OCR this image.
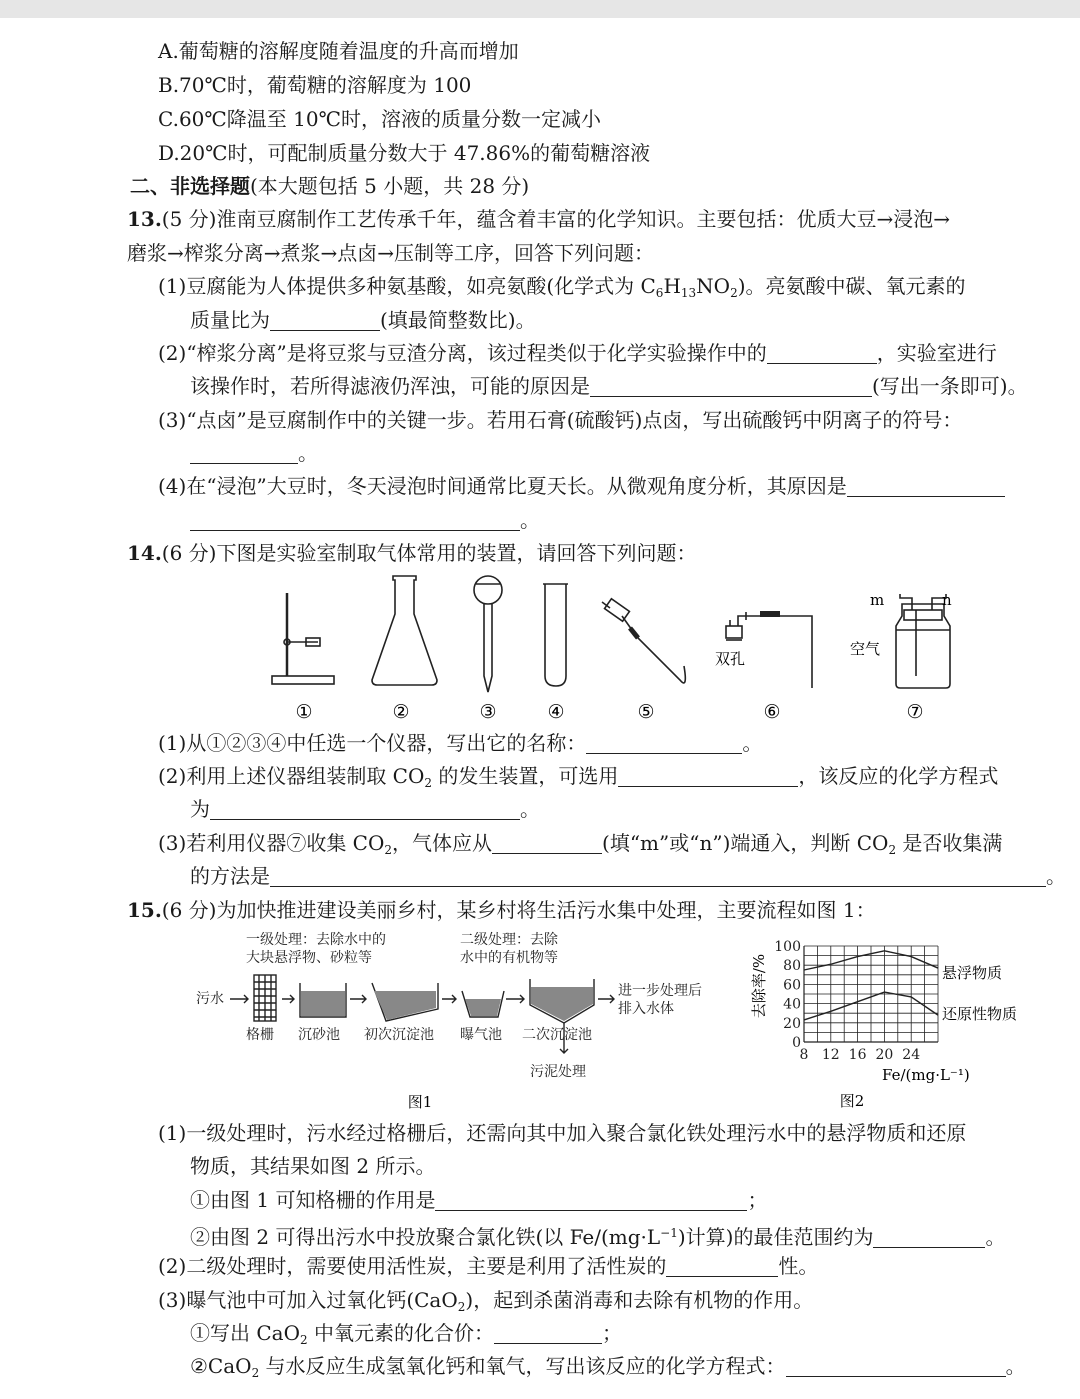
A.葡萄糖的溶解度随着温度的升高而增加
B.70℃时，葡萄糖的溶解度为 100
C.60℃降温至 10℃时，溶液的质量分数一定减小
D.20℃时，可配制质量分数大于 47.86%的葡萄糖溶液
二、非选择题(本大题包括 5 小题，共 28 分)
13.(5 分)淮南豆腐制作工艺传承千年，蕴含着丰富的化学知识。主要包括：优质大豆→浸泡→
磨浆→榨浆分离→煮浆→点卤→压制等工序，回答下列问题：
(1)豆腐能为人体提供多种氨基酸，如亮氨酸(化学式为 $C_6H_{13}NO_2$)。亮氨酸中碳、氧元素的
质量比为	(填最简整数比)。
(2)“榨浆分离”是将豆浆与豆渣分离，该过程类似于化学实验操作中的	，实验室进行
该操作时，若所得滤液仍浑浊，可能的原因是	(写出一条即可)。
(3)“点卤”是豆腐制作中的关键一步。若用石膏(硫酸钙)点卤，写出硫酸钙中阴离子的符号：
。
(4)在“浸泡”大豆时，冬天浸泡时间通常比夏天长。从微观角度分析，其原因是
。
14.(6 分)下图是实验室制取气体常用的装置，请回答下列问题：
双孔
空气
m	n
①	②	③	④	⑤	⑥	⑦
(1)从①②③④中任选一个仪器，写出它的名称：	。
(2)利用上述仪器组装制取 $CO_2$ 的发生装置，可选用	，该反应的化学方程式
为	。
(3)若利用仪器⑦收集 $CO_2$，气体应从	(填“m”或“n”)端通入，判断 $CO_2$ 是否收集满
的方法是	。
15.(6 分)为加快推进建设美丽乡村，某乡村将生活污水集中处理，主要流程如图 1：
一级处理：去除水中的
大块悬浮物、砂粒等
二级处理：去除
水中的有机物等
污水
格栅 沉砂池 初次沉淀池 曝气池 二次沉淀池
污泥处理
进一步处理后
排入水体
图1
0
20
40
60
80
100
8 12 16 20 24
去除率/%
Fe/(mg·L⁻¹)
悬浮物质
还原性物质
图2
(1)一级处理时，污水经过格栅后，还需向其中加入聚合氯化铁处理污水中的悬浮物质和还原
物质，其结果如图 2 所示。
①由图 1 可知格栅的作用是	；
②由图 2 可得出污水中投放聚合氯化铁(以 $Fe/(mg\cdot L^{-1})$计算)的最佳范围约为	。
(2)二级处理时，需要使用活性炭，主要是利用了活性炭的	性。
(3)曝气池中可加入过氧化钙(CaO$_2$)，起到杀菌消毒和去除有机物的作用。
①写出 CaO$_2$ 中氧元素的化合价：	；
②CaO$_2$ 与水反应生成氢氧化钙和氧气，写出该反应的化学方程式：	。
